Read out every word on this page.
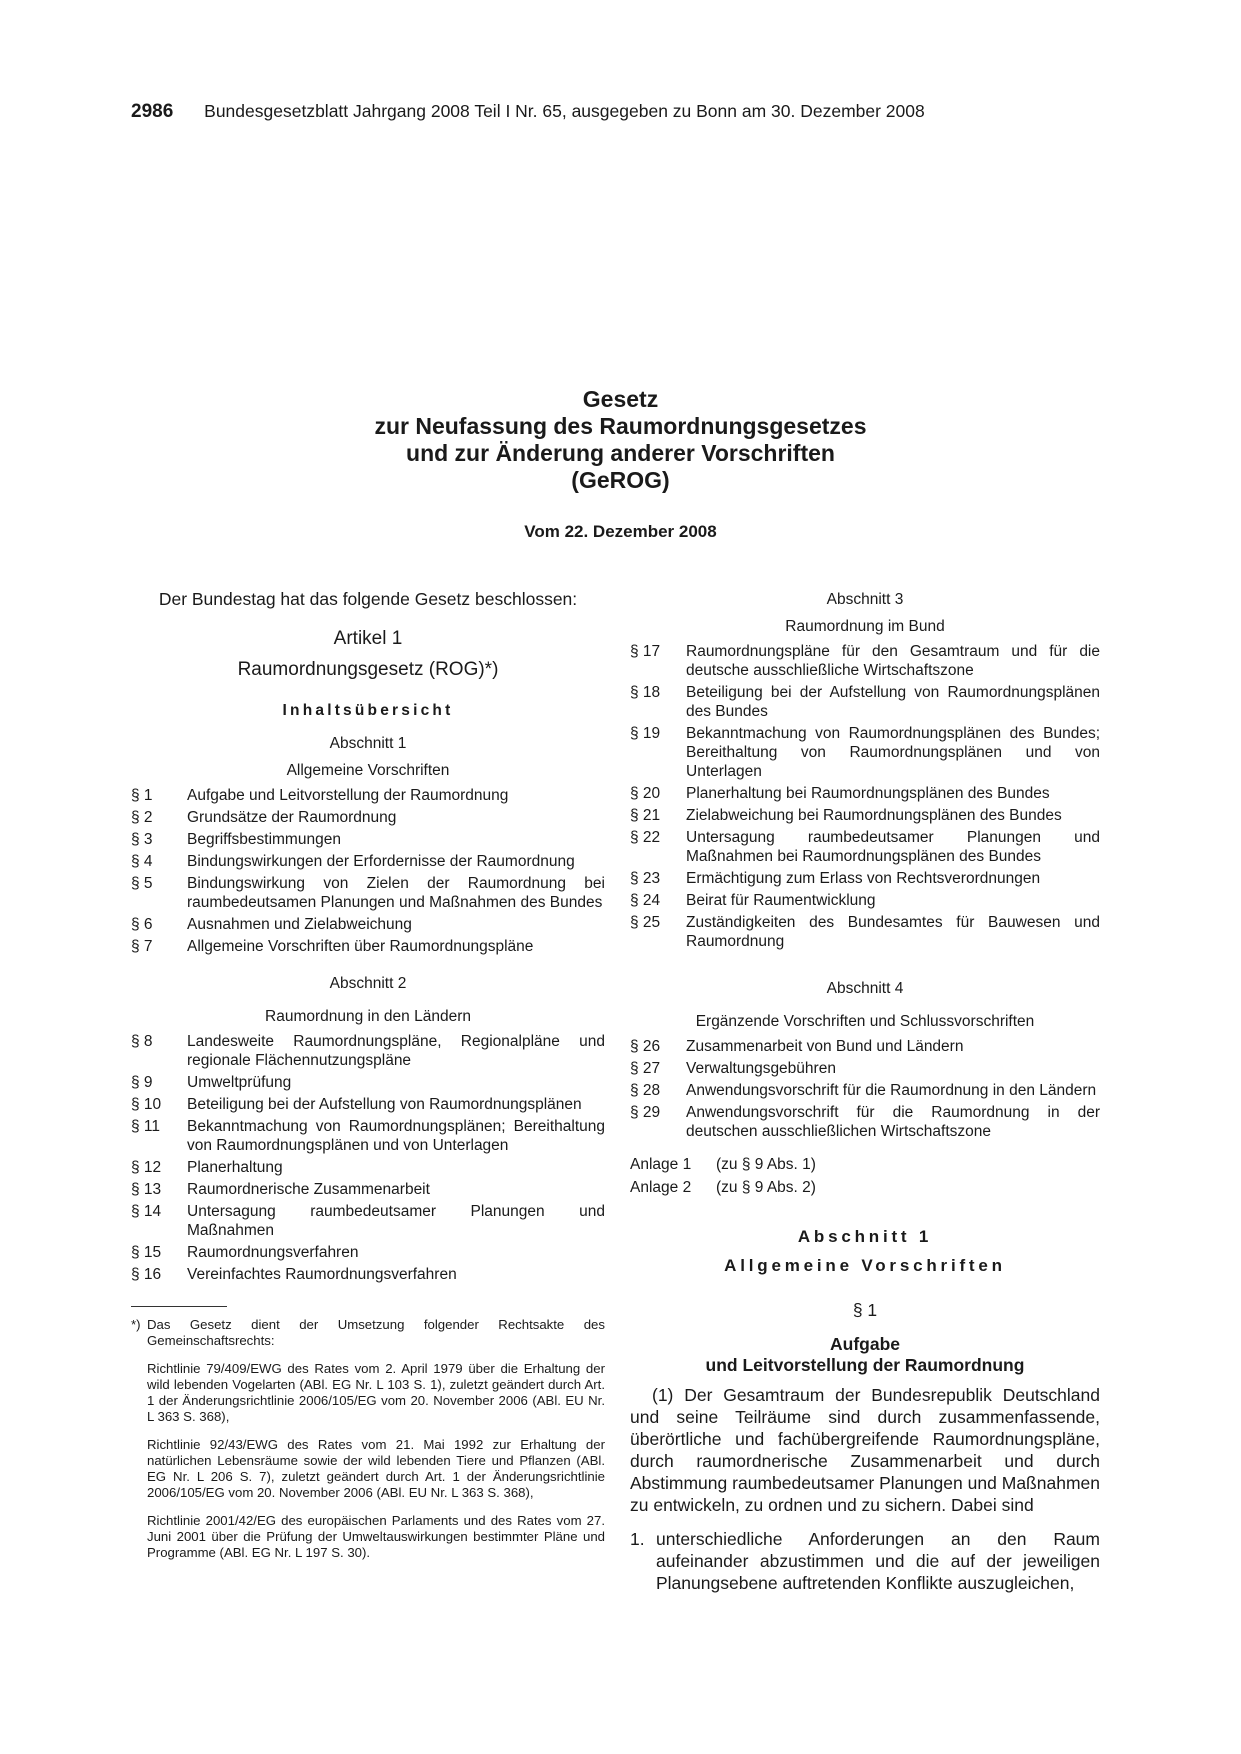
2986 Bundesgesetzblatt Jahrgang 2008 Teil I Nr. 65, ausgegeben zu Bonn am 30. Dezember 2008
Gesetz
zur Neufassung des Raumordnungsgesetzes
und zur Änderung anderer Vorschriften
(GeROG)
Vom 22. Dezember 2008
Der Bundestag hat das folgende Gesetz beschlossen:
Artikel 1
Raumordnungsgesetz (ROG)*)
Inhaltsübersicht
Abschnitt 1
Allgemeine Vorschriften
§ 1	Aufgabe und Leitvorstellung der Raumordnung
§ 2	Grundsätze der Raumordnung
§ 3	Begriffsbestimmungen
§ 4	Bindungswirkungen der Erfordernisse der Raumordnung
§ 5	Bindungswirkung von Zielen der Raumordnung bei raumbedeutsamen Planungen und Maßnahmen des Bundes
§ 6	Ausnahmen und Zielabweichung
§ 7	Allgemeine Vorschriften über Raumordnungspläne
Abschnitt 2
Raumordnung in den Ländern
§ 8	Landesweite Raumordnungspläne, Regionalpläne und regionale Flächennutzungspläne
§ 9	Umweltprüfung
§ 10	Beteiligung bei der Aufstellung von Raumordnungsplänen
§ 11	Bekanntmachung von Raumordnungsplänen; Bereithaltung von Raumordnungsplänen und von Unterlagen
§ 12	Planerhaltung
§ 13	Raumordnerische Zusammenarbeit
§ 14	Untersagung raumbedeutsamer Planungen und Maßnahmen
§ 15	Raumordnungsverfahren
§ 16	Vereinfachtes Raumordnungsverfahren
*) Das Gesetz dient der Umsetzung folgender Rechtsakte des Gemeinschaftsrechts:
Richtlinie 79/409/EWG des Rates vom 2. April 1979 über die Erhaltung der wild lebenden Vogelarten (ABl. EG Nr. L 103 S. 1), zuletzt geändert durch Art. 1 der Änderungsrichtlinie 2006/105/EG vom 20. November 2006 (ABl. EU Nr. L 363 S. 368),
Richtlinie 92/43/EWG des Rates vom 21. Mai 1992 zur Erhaltung der natürlichen Lebensräume sowie der wild lebenden Tiere und Pflanzen (ABl. EG Nr. L 206 S. 7), zuletzt geändert durch Art. 1 der Änderungsrichtlinie 2006/105/EG vom 20. November 2006 (ABl. EU Nr. L 363 S. 368),
Richtlinie 2001/42/EG des europäischen Parlaments und des Rates vom 27. Juni 2001 über die Prüfung der Umweltauswirkungen bestimmter Pläne und Programme (ABl. EG Nr. L 197 S. 30).
Abschnitt 3
Raumordnung im Bund
§ 17	Raumordnungspläne für den Gesamtraum und für die deutsche ausschließliche Wirtschaftszone
§ 18	Beteiligung bei der Aufstellung von Raumordnungsplänen des Bundes
§ 19	Bekanntmachung von Raumordnungsplänen des Bundes; Bereithaltung von Raumordnungsplänen und von Unterlagen
§ 20	Planerhaltung bei Raumordnungsplänen des Bundes
§ 21	Zielabweichung bei Raumordnungsplänen des Bundes
§ 22	Untersagung raumbedeutsamer Planungen und Maßnahmen bei Raumordnungsplänen des Bundes
§ 23	Ermächtigung zum Erlass von Rechtsverordnungen
§ 24	Beirat für Raumentwicklung
§ 25	Zuständigkeiten des Bundesamtes für Bauwesen und Raumordnung
Abschnitt 4
Ergänzende Vorschriften und Schlussvorschriften
§ 26	Zusammenarbeit von Bund und Ländern
§ 27	Verwaltungsgebühren
§ 28	Anwendungsvorschrift für die Raumordnung in den Ländern
§ 29	Anwendungsvorschrift für die Raumordnung in der deutschen ausschließlichen Wirtschaftszone
Anlage 1	(zu § 9 Abs. 1)
Anlage 2	(zu § 9 Abs. 2)
Abschnitt 1
Allgemeine Vorschriften
§ 1
Aufgabe
und Leitvorstellung der Raumordnung
(1) Der Gesamtraum der Bundesrepublik Deutschland und seine Teilräume sind durch zusammenfassende, überörtliche und fachübergreifende Raumordnungspläne, durch raumordnerische Zusammenarbeit und durch Abstimmung raumbedeutsamer Planungen und Maßnahmen zu entwickeln, zu ordnen und zu sichern. Dabei sind
1. unterschiedliche Anforderungen an den Raum aufeinander abzustimmen und die auf der jeweiligen Planungsebene auftretenden Konflikte auszugleichen,
